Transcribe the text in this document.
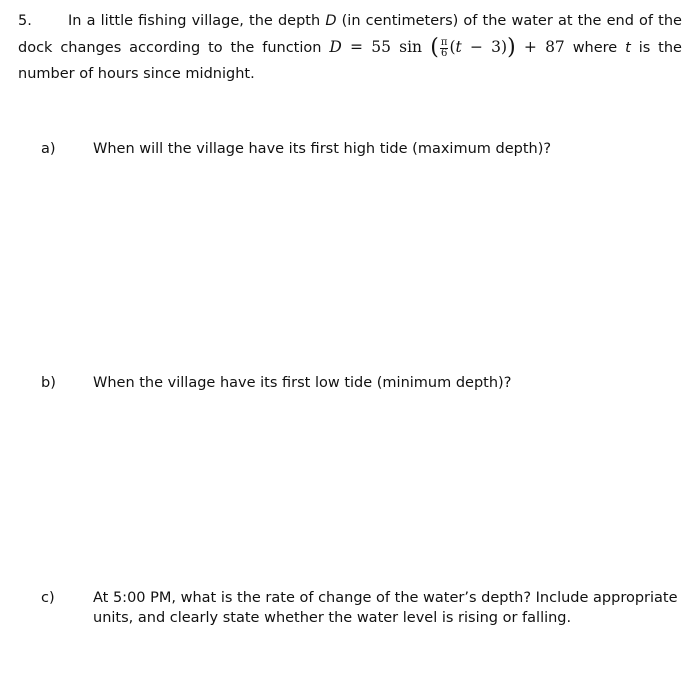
5. In a little fishing village, the depth D (in centimeters) of the water at the end of the dock changes according to the function D = 55 sin ( $\frac{\pi}{6} (t - 3)) + 87$ where t is the number of hours since midnight.
a)	When will the village have its first high tide (maximum depth)?
b)	When the village have its first low tide (minimum depth)?
c)	At 5:00 PM, what is the rate of change of the water’s depth? Include appropriate units, and clearly state whether the water level is rising or falling.
